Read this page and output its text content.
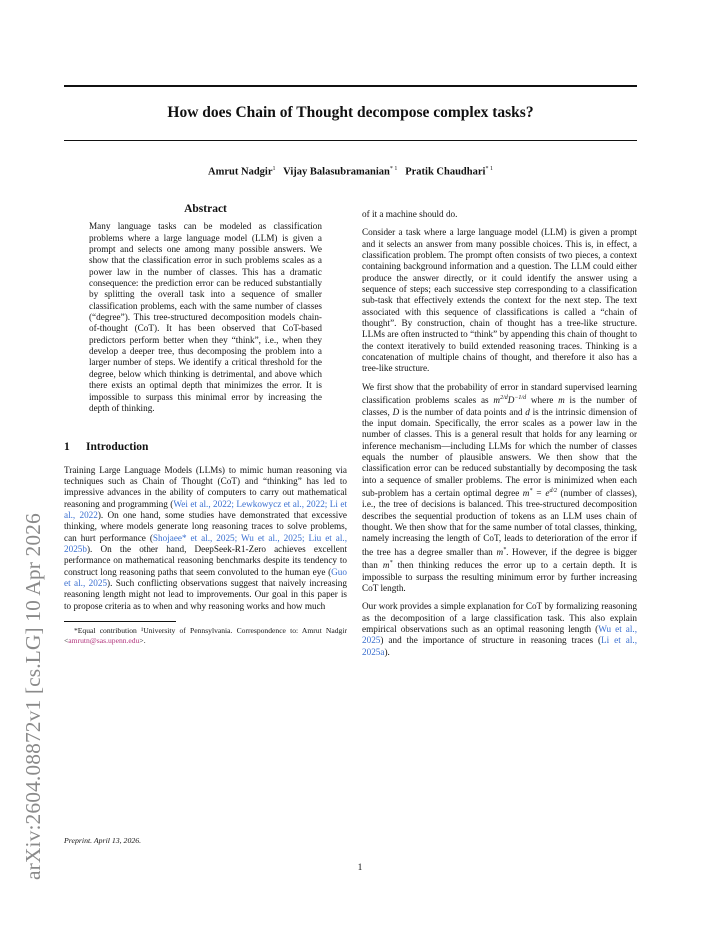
How does Chain of Thought decompose complex tasks?
Amrut Nadgir$^1$ Vijay Balasubramanian$^{* 1}$ Pratik Chaudhari$^{* 1}$
arXiv:2604.08872v1 [cs.LG] 10 Apr 2026
Abstract
Many language tasks can be modeled as classification problems where a large language model (LLM) is given a prompt and selects one among many possible answers. We show that the classification error in such problems scales as a power law in the number of classes. This has a dramatic consequence: the prediction error can be reduced substantially by splitting the overall task into a sequence of smaller classification problems, each with the same number of classes (“degree”). This tree-structured decomposition models chain-of-thought (CoT). It has been observed that CoT-based predictors perform better when they “think”, i.e., when they develop a deeper tree, thus decomposing the problem into a larger number of steps. We identify a critical threshold for the degree, below which thinking is detrimental, and above which there exists an optimal depth that minimizes the error. It is impossible to surpass this minimal error by increasing the depth of thinking.
1 Introduction

Training Large Language Models (LLMs) to mimic human reasoning via techniques such as Chain of Thought (CoT) and “thinking” has led to impressive advances in the ability of computers to carry out mathematical reasoning and programming (Wei et al., 2022; Lewkowycz et al., 2022; Li et al., 2022). On one hand, some studies have demonstrated that excessive thinking, where models generate long reasoning traces to solve problems, can hurt performance (Shojaee* et al., 2025; Wu et al., 2025; Liu et al., 2025b). On the other hand, DeepSeek-R1-Zero achieves excellent performance on mathematical reasoning benchmarks despite its tendency to construct long reasoning paths that seem convoluted to the human eye (Guo et al., 2025). Such conflicting observations suggest that naively increasing reasoning length might not lead to improvements. Our goal in this paper is to propose criteria as to when and why reasoning works and how much

*Equal contribution ¹University of Pennsylvania. Correspondence to: Amrut Nadgir <amrutn@sas.upenn.edu>.
Preprint. April 13, 2026.

of it a machine should do.

Consider a task where a large language model (LLM) is given a prompt and it selects an answer from many possible choices. This is, in effect, a classification problem. The prompt often consists of two pieces, a context containing background information and a question. The LLM could either produce the answer directly, or it could identify the answer using a sequence of steps; each successive step corresponding to a classification sub-task that effectively extends the context for the next step. The text associated with this sequence of classifications is called a “chain of thought”. By construction, chain of thought has a tree-like structure. LLMs are often instructed to “think” by appending this chain of thought to the context iteratively to build extended reasoning traces. Thinking is a concatenation of multiple chains of thought, and therefore it also has a tree-like structure.

We first show that the probability of error in standard supervised learning classification problems scales as $m^{2/d}D^{-1/d}$ where m is the number of classes, D is the number of data points and d is the intrinsic dimension of the input domain. Specifically, the error scales as a power law in the number of classes. This is a general result that holds for any learning or inference mechanism—including LLMs for which the number of classes equals the number of plausible answers. We then show that the classification error can be reduced substantially by decomposing the task into a sequence of smaller problems. The error is minimized when each sub-problem has a certain optimal degree $m^* = e^{d/2}$ (number of classes), i.e., the tree of decisions is balanced. This tree-structured decomposition describes the sequential production of tokens as an LLM uses chain of thought. We then show that for the same number of total classes, thinking, namely increasing the length of CoT, leads to deterioration of the error if the tree has a degree smaller than m*. However, if the degree is bigger than m* then thinking reduces the error up to a certain depth. It is impossible to surpass the resulting minimum error by further increasing CoT length.

Our work provides a simple explanation for CoT by formalizing reasoning as the decomposition of a large classification task. This also explain empirical observations such as an optimal reasoning length (Wu et al., 2025) and the importance of structure in reasoning traces (Li et al., 2025a).

1
